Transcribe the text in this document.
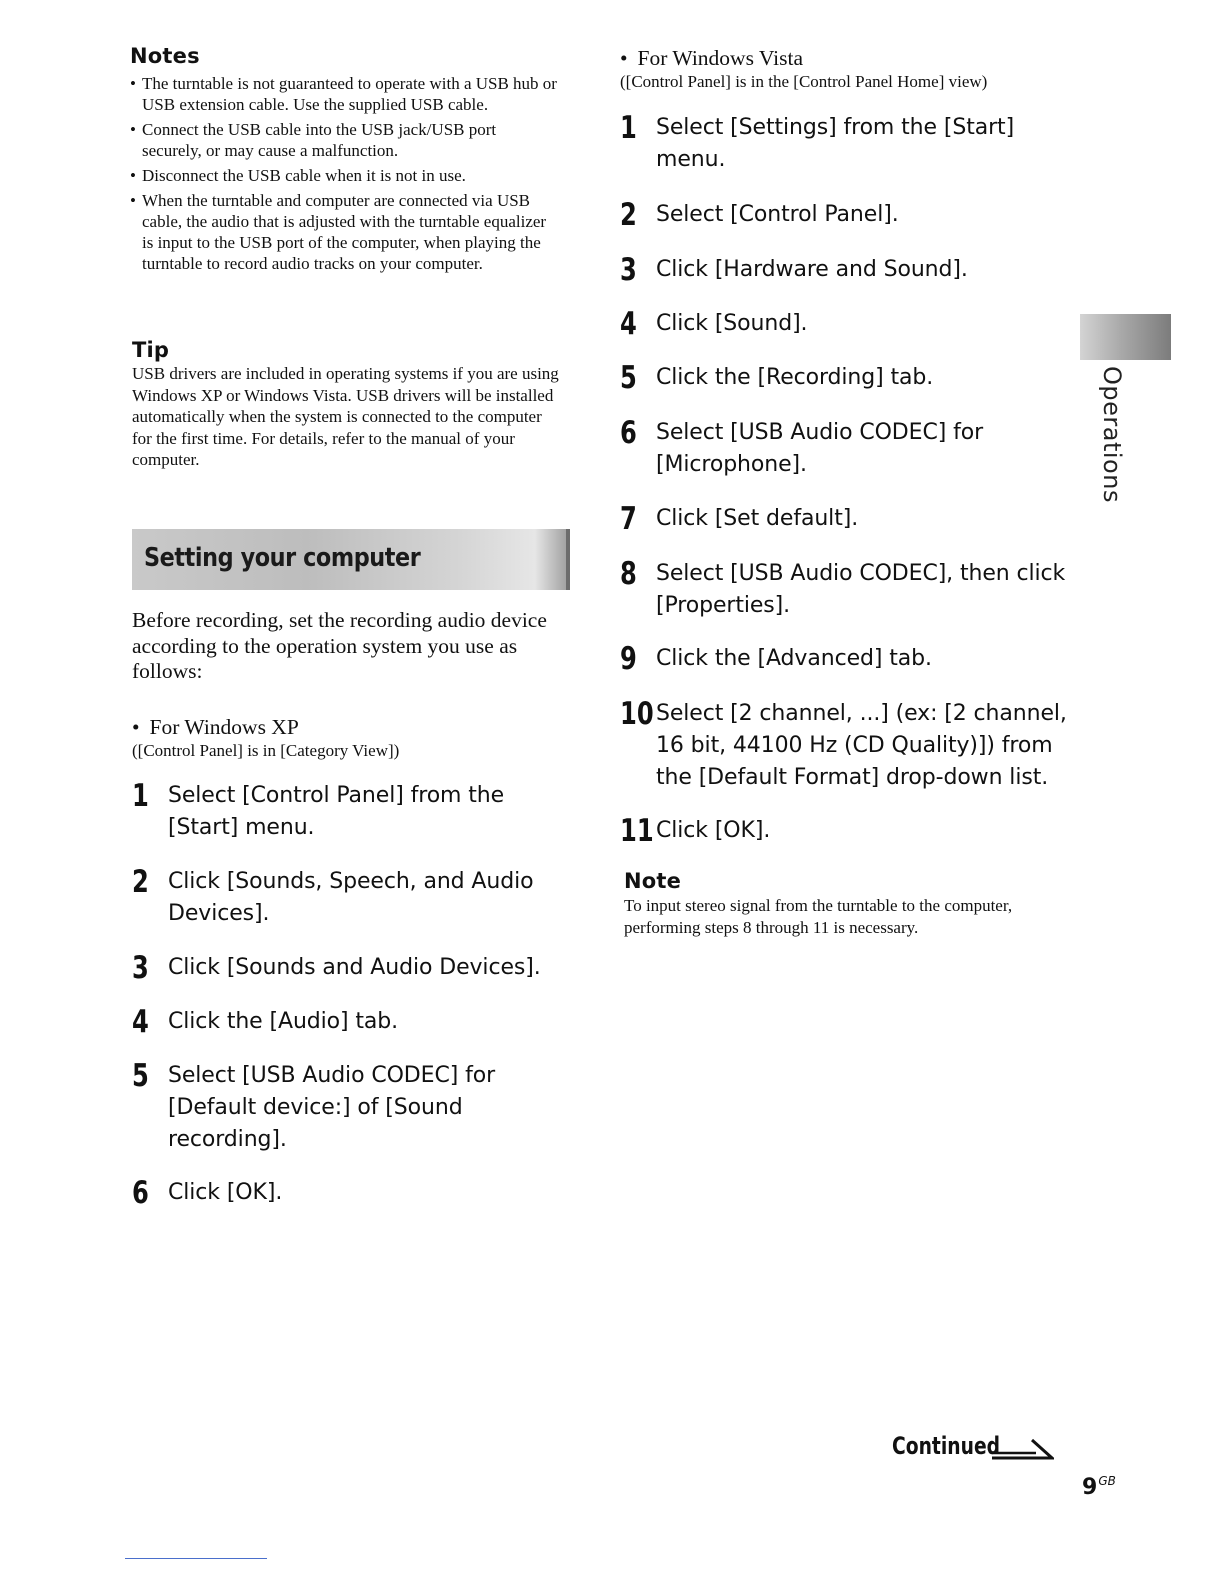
Notes
• The turntable is not guaranteed to operate with a USB hub or USB extension cable. Use the supplied USB cable.
• Connect the USB cable into the USB jack/USB port securely, or may cause a malfunction.
• Disconnect the USB cable when it is not in use.
• When the turntable and computer are connected via USB cable, the audio that is adjusted with the turntable equalizer is input to the USB port of the computer, when playing the turntable to record audio tracks on your computer.
Tip

USB drivers are included in operating systems if you are using Windows XP or Windows Vista. USB drivers will be installed automatically when the system is connected to the computer for the first time. For details, refer to the manual of your computer.

Setting your computer

Before recording, set the recording audio device according to the operation system you use as follows:

• For Windows XP

([Control Panel] is in [Category View])

1 Select [Control Panel] from the [Start] menu.
2 Click [Sounds, Speech, and Audio Devices].
3 Click [Sounds and Audio Devices].
4 Click the [Audio] tab.
5 Select [USB Audio CODEC] for [Default device:] of [Sound recording].
6 Click [OK].

• For Windows Vista

([Control Panel] is in the [Control Panel Home] view)

1 Select [Settings] from the [Start] menu.
2 Select [Control Panel].
3 Click [Hardware and Sound].
4 Click [Sound].
5 Click the [Recording] tab.
6 Select [USB Audio CODEC] for [Microphone].
7 Click [Set default].
8 Select [USB Audio CODEC], then click [Properties].
9 Click the [Advanced] tab.
10 Select [2 channel, ...] (ex: [2 channel, 16 bit, 44100 Hz (CD Quality)]) from the [Default Format] drop-down list.
11 Click [OK].
Note

To input stereo signal from the turntable to the computer, performing steps 8 through 11 is necessary.

Operations

Continued
$9^{GB}$
